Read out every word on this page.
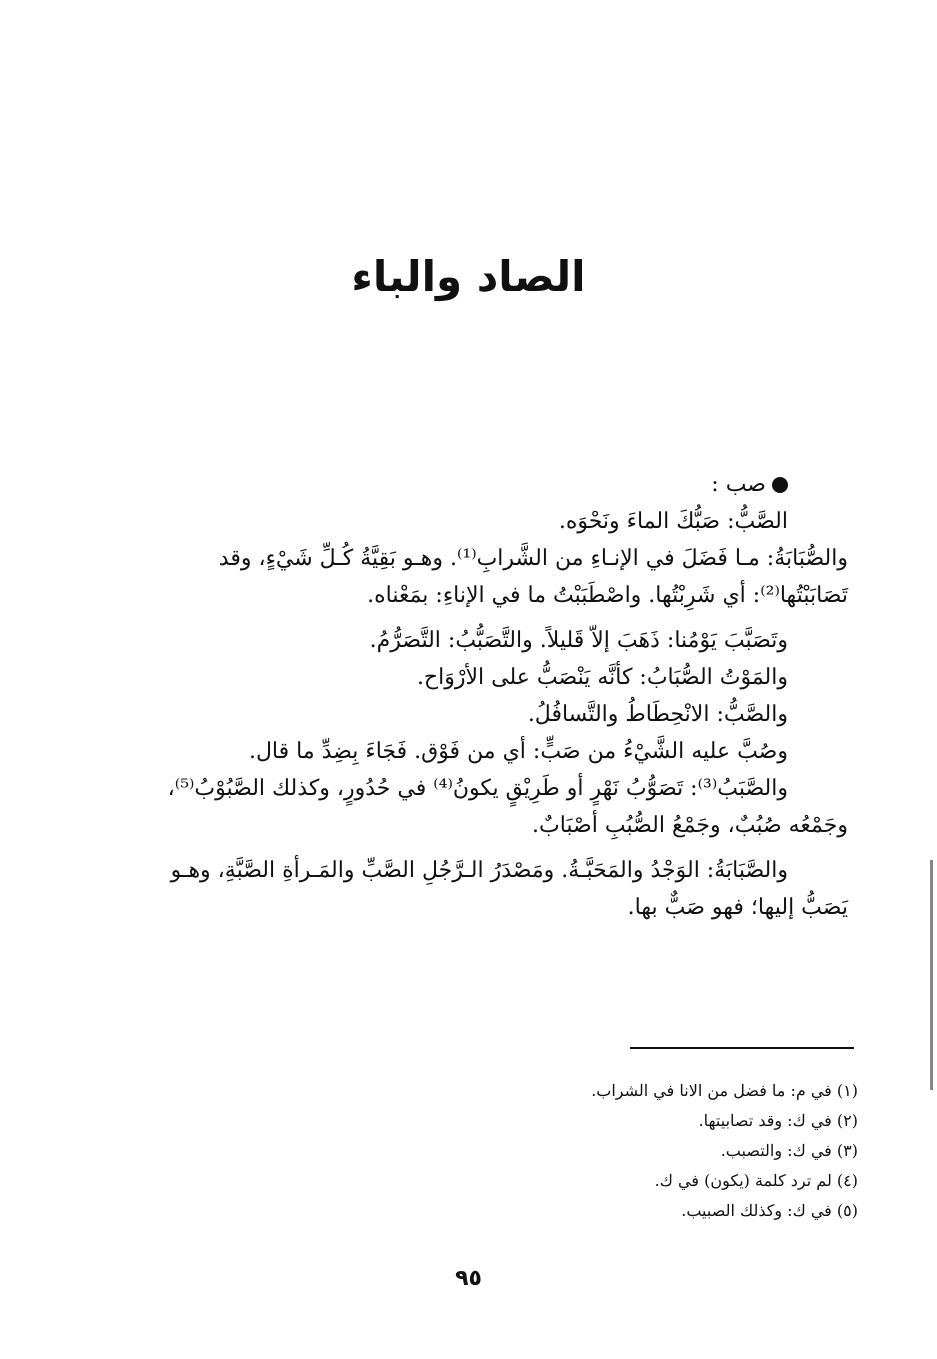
الصاد والباء
صب :
الصَّبُّ: صَبُّكَ الماءَ ونَحْوَه.
والصُّبَابَةُ: مـا فَضَلَ في الإنـاءِ من الشَّرابِ⁽¹⁾. وهـو بَقِيَّةُ كُـلِّ شَيْءٍ، وقد
تَصَابَبْتُها⁽²⁾: أي شَرِبْتُها. واصْطَبَبْتُ ما في الإناءِ: بمَعْناه.
وتَصَبَّبَ يَوْمُنا: ذَهَبَ إلاّ قَليلاً. والتَّصَبُّبُ: التَّصَرُّمُ.
والمَوْتُ الصُّبَابُ: كأنَّه يَنْصَبُّ على الأرْوَاح.
والصَّبُّ: الانْحِطَاطُ والتَّسافُلُ.
وصُبَّ عليه الشَّيْءُ من صَبٍّ: أي من فَوْق. فَجَاءَ بِضِدِّ ما قال.
والصَّبَبُ⁽³⁾: تَصَوُّبُ نَهْرٍ أو طَرِيْقٍ يكونُ⁽⁴⁾ في حُدُورٍ، وكذلك الصَّبُوْبُ⁽⁵⁾،
وجَمْعُه صُبُبٌ، وجَمْعُ الصُّبُبِ أصْبَابٌ.
والصَّبَابَةُ: الوَجْدُ والمَحَبَّـةُ. ومَصْدَرُ الـرَّجُلِ الصَّبِّ والمَـرأةِ الصَّبَّةِ، وهـو
يَصَبُّ إليها؛ فهو صَبٌّ بها.
(١) في م: ما فضل من الانا في الشراب.
(٢) في ك: وقد تصابيتها.
(٣) في ك: والتصبب.
(٤) لم ترد كلمة (يكون) في ك.
(٥) في ك: وكذلك الصبيب.
٩٥
